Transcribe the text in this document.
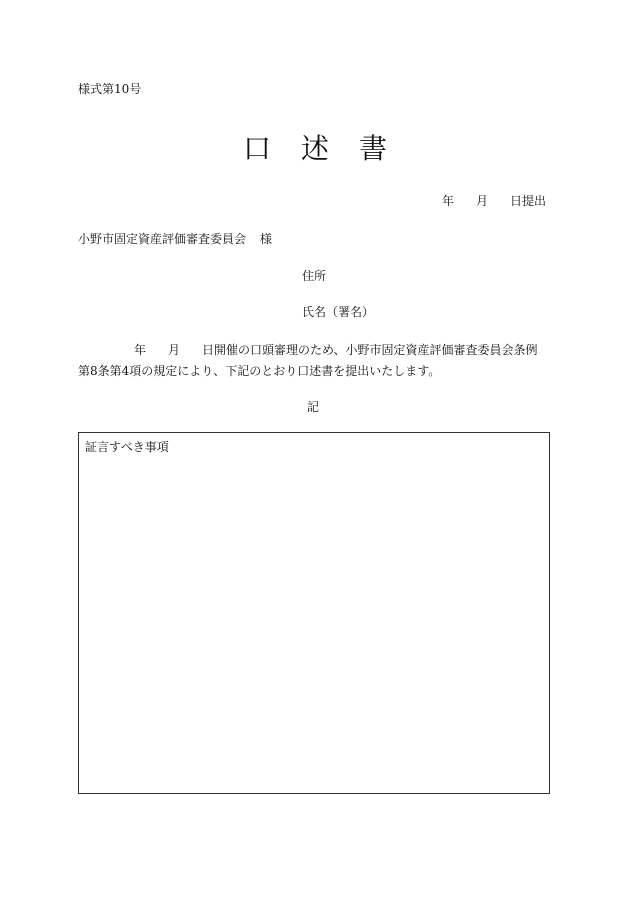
様式第10号
口 述 書
年 月 日提出
小野市固定資産評価審査委員会 様
住所
氏名（署名）
年 月 日開催の口頭審理のため、小野市固定資産評価審査委員会条例第8条第4項の規定により、下記のとおり口述書を提出いたします。
記
証言すべき事項
